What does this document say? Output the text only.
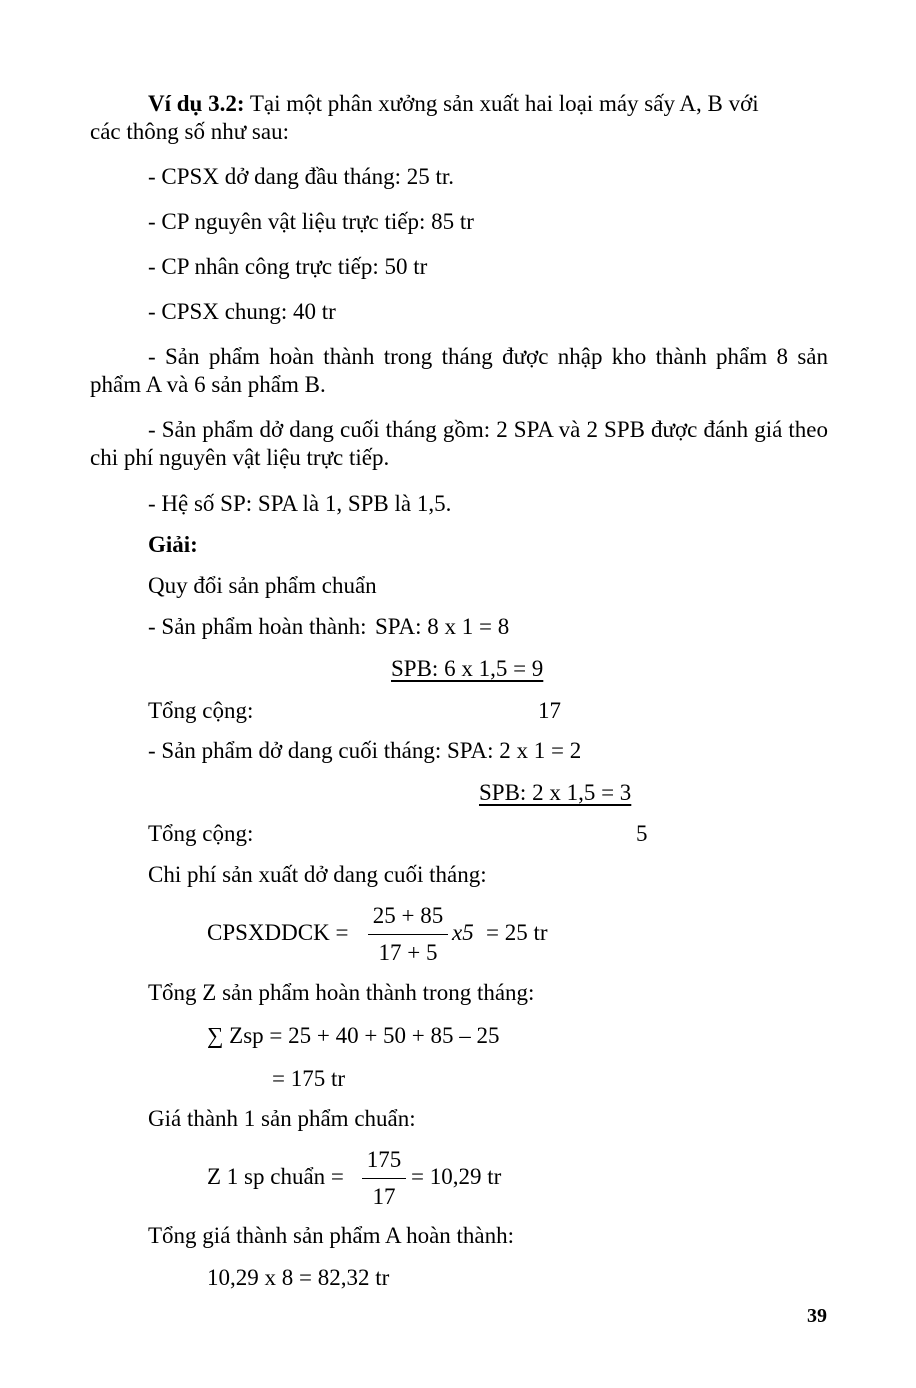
Ví dụ 3.2: Tại một phân xưởng sản xuất hai loại máy sấy A, B với
các thông số như sau:
- CPSX dở dang đầu tháng: 25 tr.
- CP nguyên vật liệu trực tiếp: 85 tr
- CP nhân công trực tiếp: 50 tr
- CPSX chung: 40 tr
- Sản phẩm hoàn thành trong tháng được nhập kho thành phẩm 8 sản phẩm A và 6 sản phẩm B.
- Sản phẩm dở dang cuối tháng gồm: 2 SPA và 2 SPB được đánh giá theo chi phí nguyên vật liệu trực tiếp.
- Hệ số SP: SPA là 1, SPB là 1,5.
Giải:
Quy đổi sản phẩm chuẩn
- Sản phẩm hoàn thành: SPA: 8 x 1 = 8
SPB: 6 x 1,5 = 9
Tổng cộng:	17
- Sản phẩm dở dang cuối tháng: SPA: 2 x 1 = 2
SPB: 2 x 1,5 = 3
Tổng cộng:	5
Chi phí sản xuất dở dang cuối tháng:
CPSXDDCK = $\frac{25 + 85}{17 + 5} x5 = 25$ tr
Tổng Z sản phẩm hoàn thành trong tháng:
∑ Zsp = 25 + 40 + 50 + 85 – 25
= 175 tr
Giá thành 1 sản phẩm chuẩn:
Z 1 sp chuẩn = $\frac{175}{17} = 10,29$ tr
Tổng giá thành sản phẩm A hoàn thành:
10,29 x 8 = 82,32 tr
39
